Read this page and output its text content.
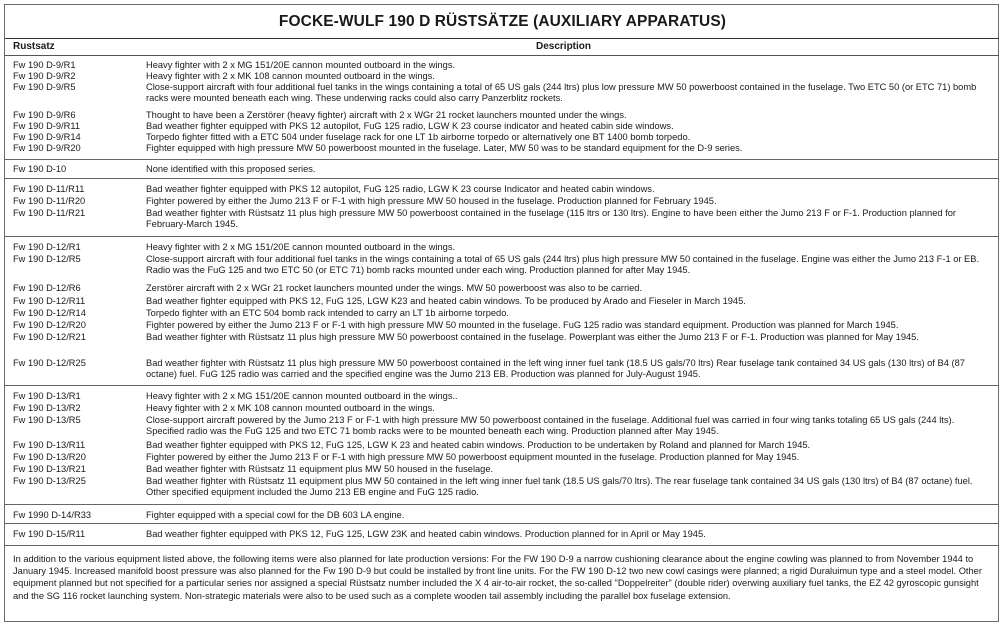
FOCKE-WULF 190 D RÜSTSÄTZE (AUXILIARY APPARATUS)
Rustsatz	Description
Fw 190 D-9/R1	Heavy fighter with 2 x MG 151/20E cannon mounted outboard in the wings.
Fw 190 D-9/R2	Heavy fighter with 2 x MK 108 cannon mounted outboard in the wings.
Fw 190 D-9/R5	Close-support aircraft with four additional fuel tanks in the wings containing a total of 65 US gals (244 ltrs) plus low pressure MW 50 powerboost contained in the fuselage. Two ETC 50 (or ETC 71) bomb racks were mounted beneath each wing. These underwing racks could also carry Panzerblitz rockets.
Fw 190 D-9/R6	Thought to have been a Zerstörer (heavy fighter) aircraft with 2 x WGr 21 rocket launchers mounted under the wings.
Fw 190 D-9/R11	Bad weather fighter equipped with PKS 12 autopilot, FuG 125 radio, LGW K 23 course indicator and heated cabin side windows.
Fw 190 D-9/R14	Torpedo fighter fitted with a ETC 504 under fuselage rack for one LT 1b airborne torpedo or alternatively one BT 1400 bomb torpedo.
Fw 190 D-9/R20	Fighter equipped with high pressure MW 50 powerboost mounted in the fuselage. Later, MW 50 was to be standard equipment for the D-9 series.
Fw 190 D-10	None identified with this proposed series.
Fw 190 D-11/R11	Bad weather fighter equipped with PKS 12 autopilot, FuG 125 radio, LGW K 23 course Indicator and heated cabin windows.
Fw 190 D-11/R20	Fighter powered by either the Jumo 213 F or F-1 with high pressure MW 50 housed in the fuselage. Production planned for February 1945.
Fw 190 D-11/R21	Bad weather fighter with Rüstsatz 11 plus high pressure MW 50 powerboost contained in the fuselage (115 ltrs or 130 ltrs). Engine to have been either the Jumo 213 F or F-1. Production planned for February-March 1945.
Fw 190 D-12/R1	Heavy fighter with 2 x MG 151/20E cannon mounted outboard in the wings.
Fw 190 D-12/R5	Close-support aircraft with four additional fuel tanks in the wings containing a total of 65 US gals (244 ltrs) plus high pressure MW 50 contained in the fuselage. Engine was either the Jumo 213 F-1 or EB. Radio was the FuG 125 and two ETC 50 (or ETC 71) bomb racks mounted under each wing. Production planned for after May 1945.
Fw 190 D-12/R6	Zerstörer aircraft with 2 x WGr 21 rocket launchers mounted under the wings. MW 50 powerboost was also to be carried.
Fw 190 D-12/R11	Bad weather fighter equipped with PKS 12, FuG 125, LGW K23 and heated cabin windows. To be produced by Arado and Fieseler in March 1945.
Fw 190 D-12/R14	Torpedo fighter with an ETC 504 bomb rack intended to carry an LT 1b airborne torpedo.
Fw 190 D-12/R20	Fighter powered by either the Jumo 213 F or F-1 with high pressure MW 50 mounted in the fuselage. FuG 125 radio was standard equipment. Production was planned for March 1945.
Fw 190 D-12/R21	Bad weather fighter with Rüstsatz 11 plus high pressure MW 50 powerboost contained in the fuselage. Powerplant was either the Jumo 213 F or F-1. Production was planned for May 1945.
Fw 190 D-12/R25	Bad weather fighter with Rüstsatz 11 plus high pressure MW 50 powerboost contained in the left wing inner fuel tank (18.5 US gals/70 ltrs) Rear fuselage tank contained 34 US gals (130 ltrs) of B4 (87 octane) fuel. FuG 125 radio was carried and the specified engine was the Jumo 213 EB. Production was planned for July-August 1945.
Fw 190 D-13/R1	Heavy fighter with 2 x MG 151/20E cannon mounted outboard in the wings..
Fw 190 D-13/R2	Heavy fighter with 2 x MK 108 cannon mounted outboard in the wings.
Fw 190 D-13/R5	Close-support aircraft powered by the Jumo 213 F or F-1 with high pressure MW 50 powerboost contained in the fuselage. Additional fuel was carried in four wing tanks totaling 65 US gals (244 lts). Specified radio was the FuG 125 and two ETC 71 bomb racks were to be mounted beneath each wing. Production planned after May 1945.
Fw 190 D-13/R11	Bad weather fighter equipped with PKS 12, FuG 125, LGW K 23 and heated cabin windows. Production to be undertaken by Roland and planned for March 1945.
Fw 190 D-13/R20	Fighter powered by either the Jumo 213 F or F-1 with high pressure MW 50 powerboost equipment mounted in the fuselage. Production planned for May 1945.
Fw 190 D-13/R21	Bad weather fighter with Rüstsatz 11 equipment plus MW 50 housed in the fuselage.
Fw 190 D-13/R25	Bad weather fighter with Rüstsatz 11 equipment plus MW 50 contained in the left wing inner fuel tank (18.5 US gals/70 ltrs). The rear fuselage tank contained 34 US gals (130 ltrs) of B4 (87 octane) fuel. Other specified equipment included the Jumo 213 EB engine and FuG 125 radio.
Fw 1990 D-14/R33	Fighter equipped with a special cowl for the DB 603 LA engine.
Fw 190 D-15/R11	Bad weather fighter equipped with PKS 12, FuG 125, LGW 23K and heated cabin windows. Production planned for in April or May 1945.
In addition to the various equipment listed above, the following items were also planned for late production versions: For the FW 190 D-9 a narrow cushioning clearance about the engine cowling was planned to from November 1944 to January 1945. Increased manifold boost pressure was also planned for the Fw 190 D-9 but could be installed by front line units. For the FW 190 D-12 two new cowl casings were planned; a rigid Duraluimun type and a steel model. Other equipment planned but not specified for a particular series nor assigned a special Rüstsatz number included the X 4 air-to-air rocket, the so-called "Doppelreiter" (double rider) overwing auxiliary fuel tanks, the EZ 42 gyroscopic gunsight and the SG 116 rocket launching system. Non-strategic materials were also to be used such as a complete wooden tail assembly including the parallel box fuselage extension.
